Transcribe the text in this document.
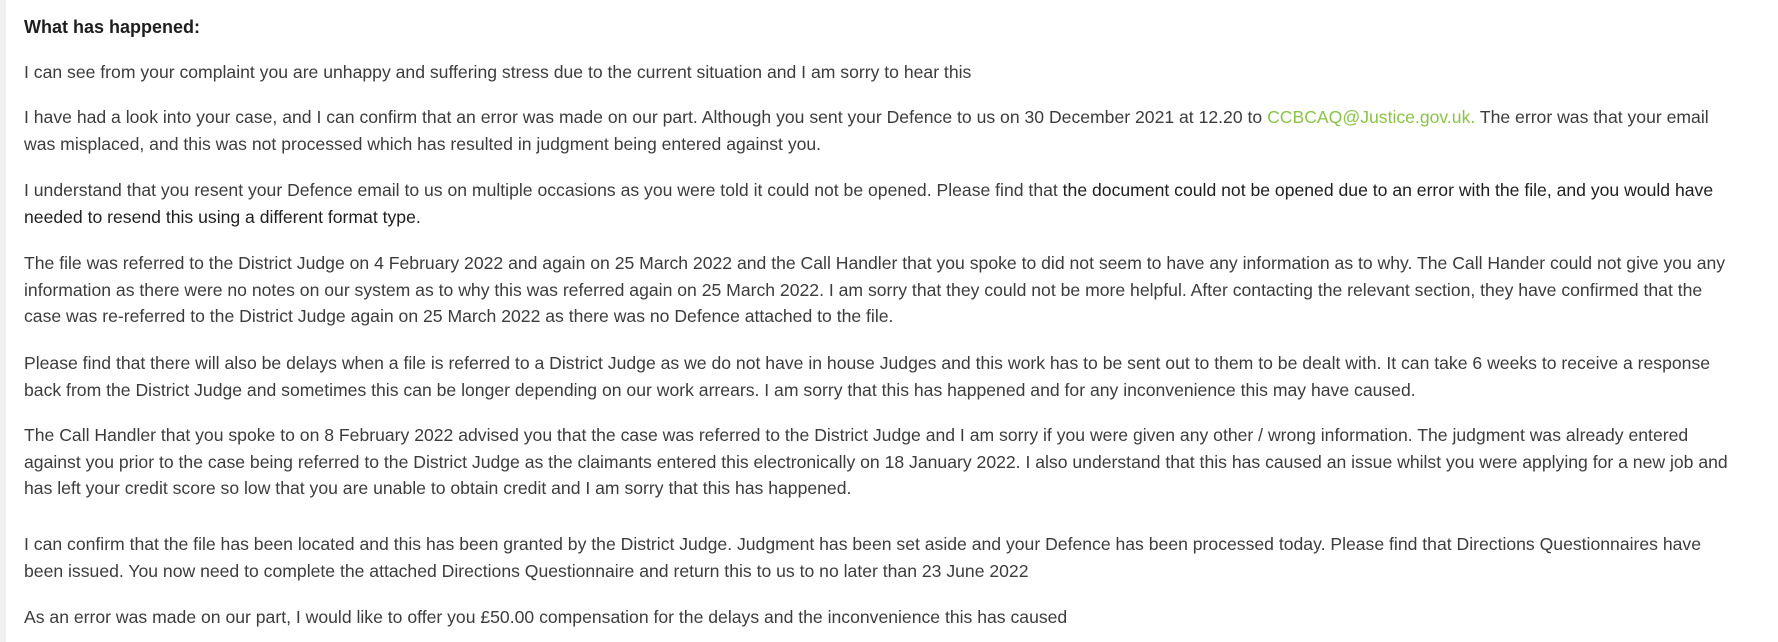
What has happened:

I can see from your complaint you are unhappy and suffering stress due to the current situation and I am sorry to hear this

I have had a look into your case, and I can confirm that an error was made on our part. Although you sent your Defence to us on 30 December 2021 at 12.20 to CCBCAQ@Justice.gov.uk. The error was that your email
was misplaced, and this was not processed which has resulted in judgment being entered against you.

I understand that you resent your Defence email to us on multiple occasions as you were told it could not be opened. Please find that the document could not be opened due to an error with the file, and you would have
needed to resend this using a different format type.

The file was referred to the District Judge on 4 February 2022 and again on 25 March 2022 and the Call Handler that you spoke to did not seem to have any information as to why. The Call Hander could not give you any
information as there were no notes on our system as to why this was referred again on 25 March 2022. I am sorry that they could not be more helpful. After contacting the relevant section, they have confirmed that the
case was re-referred to the District Judge again on 25 March 2022 as there was no Defence attached to the file.

Please find that there will also be delays when a file is referred to a District Judge as we do not have in house Judges and this work has to be sent out to them to be dealt with. It can take 6 weeks to receive a response
back from the District Judge and sometimes this can be longer depending on our work arrears. I am sorry that this has happened and for any inconvenience this may have caused.

The Call Handler that you spoke to on 8 February 2022 advised you that the case was referred to the District Judge and I am sorry if you were given any other / wrong information. The judgment was already entered
against you prior to the case being referred to the District Judge as the claimants entered this electronically on 18 January 2022. I also understand that this has caused an issue whilst you were applying for a new job and
has left your credit score so low that you are unable to obtain credit and I am sorry that this has happened.

I can confirm that the file has been located and this has been granted by the District Judge. Judgment has been set aside and your Defence has been processed today. Please find that Directions Questionnaires have
been issued. You now need to complete the attached Directions Questionnaire and return this to us to no later than 23 June 2022

As an error was made on our part, I would like to offer you £50.00 compensation for the delays and the inconvenience this has caused
